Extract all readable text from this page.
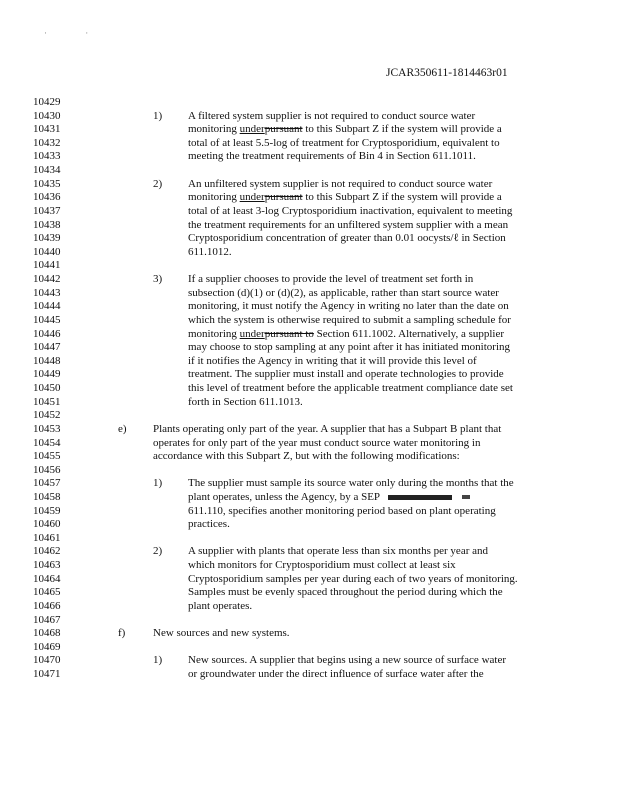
· ·
JCAR350611-1814463r01
10429
10430	1) A filtered system supplier is not required to conduct source water
10431	monitoring underpursuant to this Subpart Z if the system will provide a
10432	total of at least 5.5-log of treatment for Cryptosporidium, equivalent to
10433	meeting the treatment requirements of Bin 4 in Section 611.1011.
10434
10435	2) An unfiltered system supplier is not required to conduct source water
10436	monitoring underpursuant to this Subpart Z if the system will provide a
10437	total of at least 3-log Cryptosporidium inactivation, equivalent to meeting
10438	the treatment requirements for an unfiltered system supplier with a mean
10439	Cryptosporidium concentration of greater than 0.01 oocysts/ℓ in Section
10440	611.1012.
10441
10442	3) If a supplier chooses to provide the level of treatment set forth in
10443	subsection (d)(1) or (d)(2), as applicable, rather than start source water
10444	monitoring, it must notify the Agency in writing no later than the date on
10445	which the system is otherwise required to submit a sampling schedule for
10446	monitoring underpursuant to Section 611.1002. Alternatively, a supplier
10447	may choose to stop sampling at any point after it has initiated monitoring
10448	if it notifies the Agency in writing that it will provide this level of
10449	treatment. The supplier must install and operate technologies to provide
10450	this level of treatment before the applicable treatment compliance date set
10451	forth in Section 611.1013.
10452
10453	e) Plants operating only part of the year. A supplier that has a Subpart B plant that
10454	operates for only part of the year must conduct source water monitoring in
10455	accordance with this Subpart Z, but with the following modifications:
10456
10457	1) The supplier must sample its source water only during the months that the
10458	plant operates, unless the Agency, by a SEP
10459	611.110, specifies another monitoring period based on plant operating
10460	practices.
10461
10462	2) A supplier with plants that operate less than six months per year and
10463	which monitors for Cryptosporidium must collect at least six
10464	Cryptosporidium samples per year during each of two years of monitoring.
10465	Samples must be evenly spaced throughout the period during which the
10466	plant operates.
10467
10468	f)	New sources and new systems.
10469
10470	1) New sources. A supplier that begins using a new source of surface water
10471	or groundwater under the direct influence of surface water after the
